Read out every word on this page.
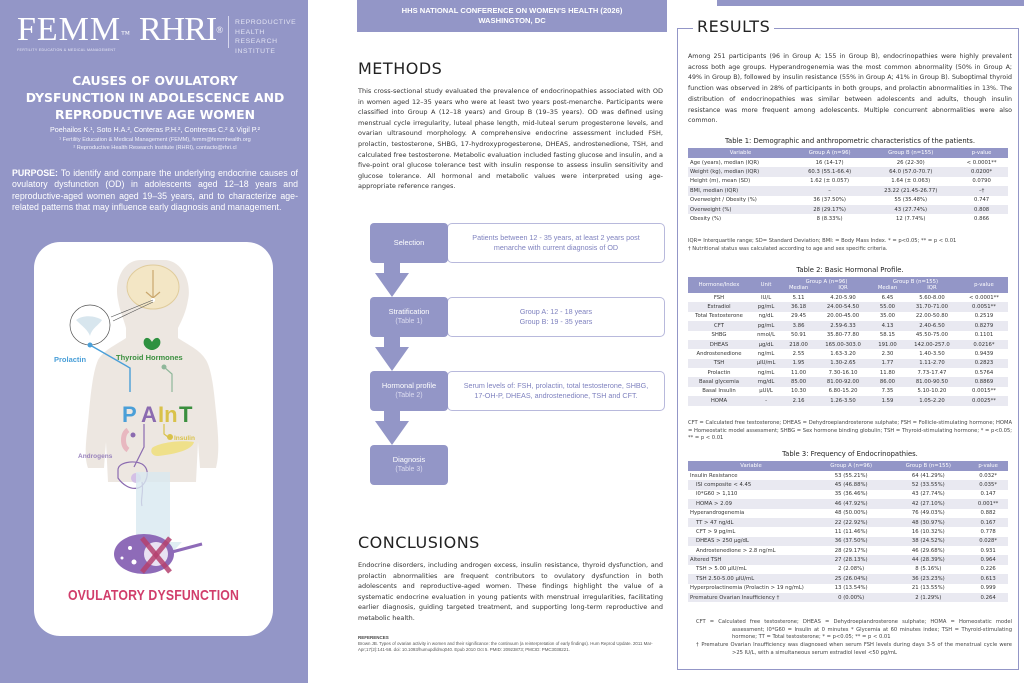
FEMM™ RHRI®
REPRODUCTIVE
HEALTH RESEARCH
INSTITUTE
FERTILITY EDUCATION & MEDICAL MANAGEMENT
CAUSES OF OVULATORY
DYSFUNCTION IN ADOLESCENCE AND
REPRODUCTIVE AGE WOMEN
Poehailos K.¹, Soto H.A.², Conteras P.H.², Contreras C.² & Vigil P.²
¹ Fertility Education & Medical Management (FEMM), femm@femmhealth.org
² Reproductive Health Research Institute (RHRI), contacto@rhri.cl
PURPOSE: To identify and compare the underlying endocrine causes of ovulatory dysfunction (OD) in adolescents aged 12–18 years and reproductive-aged women aged 19–35 years, and to characterize age-related patterns that may influence early diagnosis and management.
Prolactin	Thyroid Hormones
P A In T
Insulin
Androgens
OVULATORY DYSFUNCTION
HHS NATIONAL CONFERENCE ON WOMEN'S HEALTH (2026)
WASHINGTON, DC
METHODS
This cross-sectional study evaluated the prevalence of endocrinopathies associated with OD in women aged 12–35 years who were at least two years post-menarche. Participants were classified into Group A (12–18 years) and Group B (19–35 years). OD was defined using menstrual cycle irregularity, luteal phase length, mid-luteal serum progesterone levels, and ovarian ultrasound morphology. A comprehensive endocrine assessment included FSH, prolactin, testosterone, SHBG, 17-hydroxyprogesterone, DHEAS, androstenedione, TSH, and calculated free testosterone. Metabolic evaluation included fasting glucose and insulin, and a five-point oral glucose tolerance test with insulin response to assess insulin sensitivity and glucose tolerance. All hormonal and metabolic values were interpreted using age-appropriate reference ranges.
Patients between 12 - 35 years, at least 2 years post menarche with current diagnosis of OD
Selection
Group A: 12 - 18 years
Group B: 19 - 35 years
Stratification
(Table 1)
Serum levels of: FSH, prolactin, total testosterone, SHBG, 17-OH-P, DHEAS, androstenedione, TSH and CFT.
Hormonal profile
(Table 2)
Diagnosis
(Table 3)
CONCLUSIONS
Endocrine disorders, including androgen excess, insulin resistance, thyroid dysfunction, and prolactin abnormalities are frequent contributors to ovulatory dysfunction in both adolescents and reproductive-aged women. These findings highlight the value of a systematic endocrine evaluation in young patients with menstrual irregularities, facilitating earlier diagnosis, guiding targeted treatment, and supporting long-term reproductive and metabolic health.
REFERENCES
Brown JB. Types of ovarian activity in women and their significance: the continuum (a reinterpretation of early findings). Hum Reprod Update. 2011 Mar-Apr;17(2):141-58. doi: 10.1093/humupd/dmq040. Epub 2010 Oct 5. PMID: 20923873; PMCID: PMC3038221.
RESULTS
Among 251 participants (96 in Group A; 155 in Group B), endocrinopathies were highly prevalent across both age groups. Hyperandrogenemia was the most common abnormality (50% in Group A; 49% in Group B), followed by insulin resistance (55% in Group A; 41% in Group B). Suboptimal thyroid function was observed in 28% of participants in both groups, and prolactin abnormalities in 13%. The distribution of endocrinopathies was similar between adolescents and adults, though insulin resistance was more frequent among adolescents. Multiple concurrent abnormalities were also common.
Table 1: Demographic and anthropometric characteristics of the patients.
Variable	Group A (n=96)	Group B (n=155)	p-value
Age (years), median (IQR)	16 (14-17)	26 (22-30)	< 0.0001**
Weight (kg), median (IQR)	60.3 (55.1-66.4)	64.0 (57.0-70.7)	0.0200*
Height (m), mean (SD)	1.62 (± 0.057)	1.64 (± 0.063)	0.0790
BMI, median (IQR)	–	23.22 (21.45-26.77)	–†
Overweight / Obesity (%)	36 (37.50%)	55 (35.48%)	0.747
Overweight (%)	28 (29.17%)	43 (27.74%)	0.808
Obesity (%)	8 (8.33%)	12 (7.74%)	0.866
IQR= Interquartile range; SD= Standard Deviation; BMI: = Body Mass Index. * = p<0.05; ** = p < 0.01
† Nutritional status was calculated according to age and sex specific criteria.
Table 2: Basic Hormonal Profile.
Hormone/Index	Unit	Group A (n=96)		Group B (n=155)		p-value
		Median	IQR	Median	IQR	
FSH	IU/L	5.11	4.20-5.90	6.45	5.60-8.00	< 0.0001**
Estradiol	pg/mL	36.18	24.00-54.50	55.00	31.70-71.00	0.0051**
Total Testosterone	ng/dL	29.45	20.00-45.00	35.00	22.00-50.80	0.2519
CFT	pg/mL	3.86	2.59-6.33	4.13	2.40-6.50	0.8279
SHBG	nmol/L	50.91	35.80-77.80	58.15	45.50-75.00	0.1101
DHEAS	µg/dL	218.00	165.00-303.0	191.00	142.00-257.0	0.0216*
Androstenedione	ng/mL	2.55	1.63-3.20	2.30	1.40-3.50	0.9439
TSH	µIU/mL	1.95	1.30-2.65	1.77	1.11-2.70	0.2823
Prolactin	ng/mL	11.00	7.30-16.10	11.80	7.73-17.47	0.5764
Basal glycemia	mg/dL	85.00	81.00-92.00	86.00	81.00-90.50	0.8869
Basal Insulin	µUI/L	10.30	6.80-15.20	7.35	5.10-10.20	0.0015**
HOMA	-	2.16	1.26-3.50	1.59	1.05-2.20	0.0025**
CFT = Calculated free testosterone; DHEAS = Dehydroepiandrosterone sulphate; FSH = Follicle-stimulating hormone; HOMA = Homeostatic model assessment; SHBG = Sex hormone binding globulin; TSH = Thyroid-stimulating hormone; * = p<0.05; ** = p < 0.01
Table 3: Frequency of Endocrinopathies.
Variable	Group A (n=96)	Group B (n=155)	p-value
Insulin Resistance	53 (55.21%)	64 (41.29%)	0.032*
ISI composite < 4.45	45 (46.88%)	52 (33.55%)	0.035*
I0*G60 > 1,110	35 (36.46%)	43 (27.74%)	0.147
HOMA > 2.09	46 (47.92%)	42 (27.10%)	0.001**
Hyperandrogenemia	48 (50.00%)	76 (49.03%)	0.882
TT > 47 ng/dL	22 (22.92%)	48 (30.97%)	0.167
CFT > 9 pg/mL	11 (11.46%)	16 (10.32%)	0.778
DHEAS > 250 µg/dL	36 (37.50%)	38 (24.52%)	0.028*
Androstenedione > 2.8 ng/mL	28 (29.17%)	46 (29.68%)	0.931
Altered TSH	27 (28.13%)	44 (28.39%)	0.964
TSH > 5.00 µIU/mL	2 (2.08%)	8 (5.16%)	0.226
TSH 2.50-5.00 µIU/mL	25 (26.04%)	36 (23.23%)	0.613
Hyperprolactinemia (Prolactin > 19 ng/mL)	13 (13.54%)	21 (13.55%)	0.999
Premature Ovarian Insufficiency †	0 (0.00%)	2 (1.29%)	0.264
CFT = Calculated free testosterone; DHEAS = Dehydroepiandrosterone sulphate; HOMA = Homeostatic model assessment; I0*G60 = Insulin at 0 minutes * Glycemia at 60 minutes index; TSH = Thyroid-stimulating hormone; TT = Total testosterone; * = p<0.05; ** = p < 0.01
† Premature Ovarian Insufficiency was diagnosed when serum FSH levels during days 3-5 of the menstrual cycle were >25 IU/L, with a simultaneous serum estradiol level <50 pg/mL
